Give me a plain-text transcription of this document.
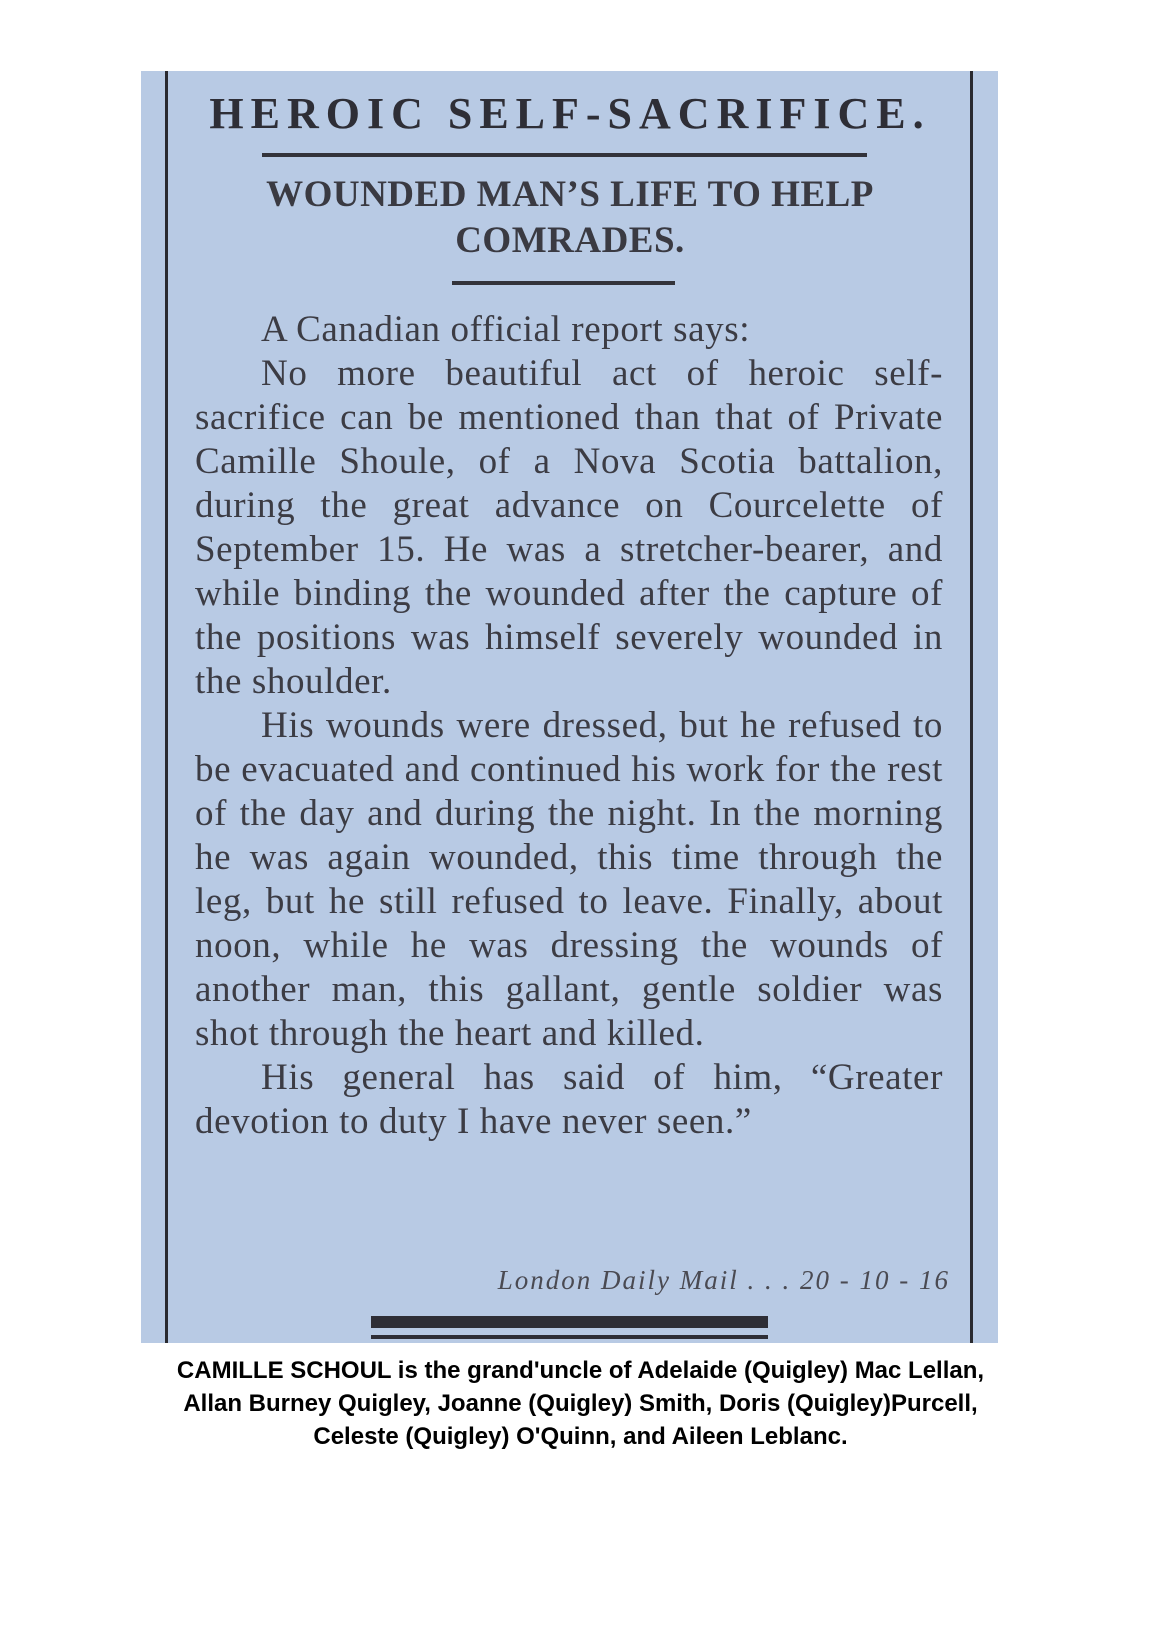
HEROIC SELF-SACRIFICE.
WOUNDED MAN’S LIFE TO HELP
COMRADES.

A Canadian official report says:

No more beautiful act of heroic self-sacrifice can be mentioned than that of Private Camille Shoule, of a Nova Scotia battalion, during the great advance on Courcelette of September 15. He was a stretcher-bearer, and while binding the wounded after the capture of the positions was himself severely wounded in the shoulder.

His wounds were dressed, but he refused to be evacuated and continued his work for the rest of the day and during the night. In the morning he was again wounded, this time through the leg, but he still refused to leave. Finally, about noon, while he was dressing the wounds of another man, this gallant, gentle soldier was shot through the heart and killed.

His general has said of him, “Greater devotion to duty I have never seen.”

London Daily Mail . . . 20 - 10 - 16

CAMILLE SCHOUL is the grand'uncle of Adelaide (Quigley) Mac Lellan,
Allan Burney Quigley, Joanne (Quigley) Smith, Doris (Quigley)Purcell,
Celeste (Quigley) O'Quinn, and Aileen Leblanc.
